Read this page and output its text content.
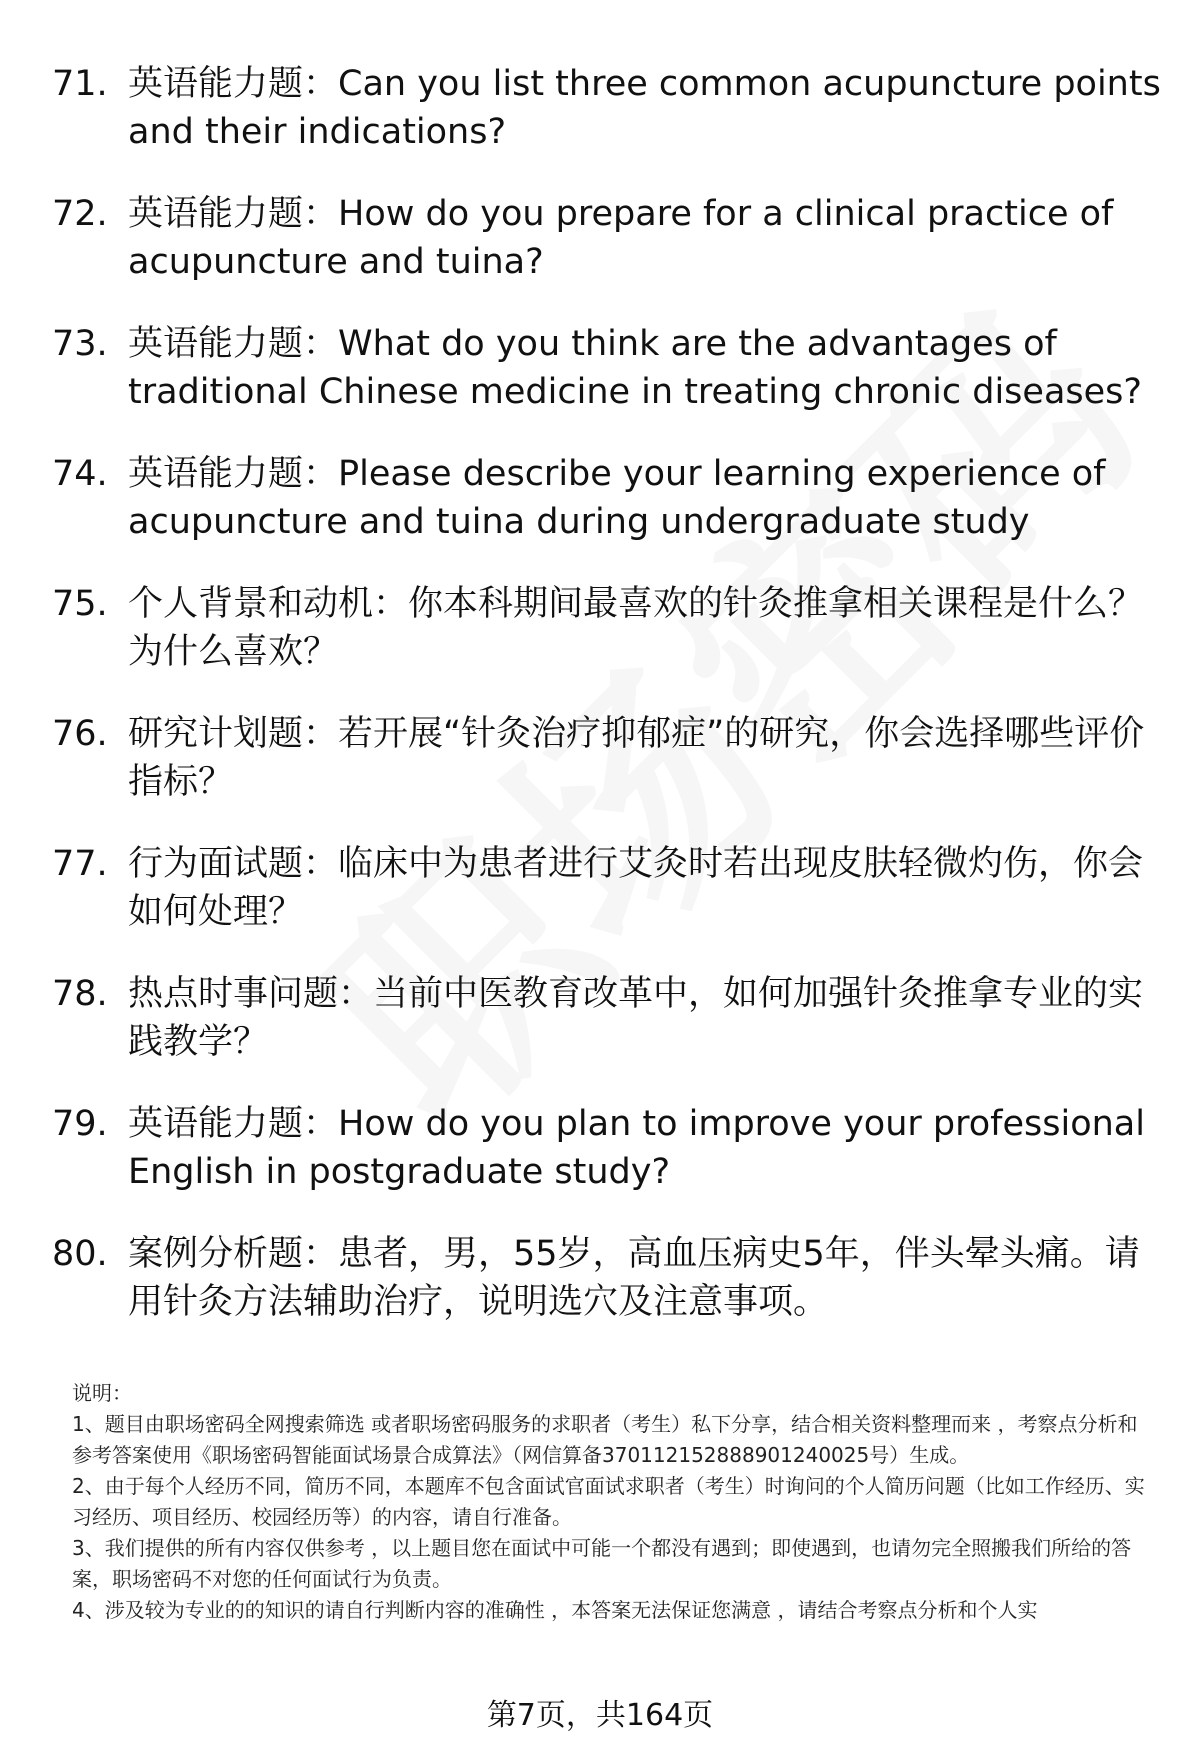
71. 英语能力题：Can you list three common acupuncture points and their indications?
72. 英语能力题：How do you prepare for a clinical practice of acupuncture and tuina?
73. 英语能力题：What do you think are the advantages of traditional Chinese medicine in treating chronic diseases?
74. 英语能力题：Please describe your learning experience of acupuncture and tuina during undergraduate study
75. 个人背景和动机：你本科期间最喜欢的针灸推拿相关课程是什么？为什么喜欢？
76. 研究计划题：若开展“针灸治疗抑郁症”的研究，你会选择哪些评价指标？
77. 行为面试题：临床中为患者进行艾灸时若出现皮肤轻微灼伤，你会如何处理？
78. 热点时事问题：当前中医教育改革中，如何加强针灸推拿专业的实践教学？
79. 英语能力题：How do you plan to improve your professional English in postgraduate study?
80. 案例分析题：患者，男，55岁，高血压病史5年，伴头晕头痛。请用针灸方法辅助治疗，说明选穴及注意事项。

说明：

1、题目由职场密码全网搜索筛选 或者职场密码服务的求职者（考生）私下分享，结合相关资料整理而来 ，考察点分析和参考答案使用《职场密码智能面试场景合成算法》（网信算备370112152888901240025号）生成。

2、由于每个人经历不同，简历不同，本题库不包含面试官面试求职者（考生）时询问的个人简历问题（比如工作经历、实习经历、项目经历、校园经历等）的内容，请自行准备。

3、我们提供的所有内容仅供参考 ，以上题目您在面试中可能一个都没有遇到；即使遇到，也请勿完全照搬我们所给的答案，职场密码不对您的任何面试行为负责。

4、涉及较为专业的的知识的请自行判断内容的准确性 ，本答案无法保证您满意 ，请结合考察点分析和个人实

第7页，共164页
